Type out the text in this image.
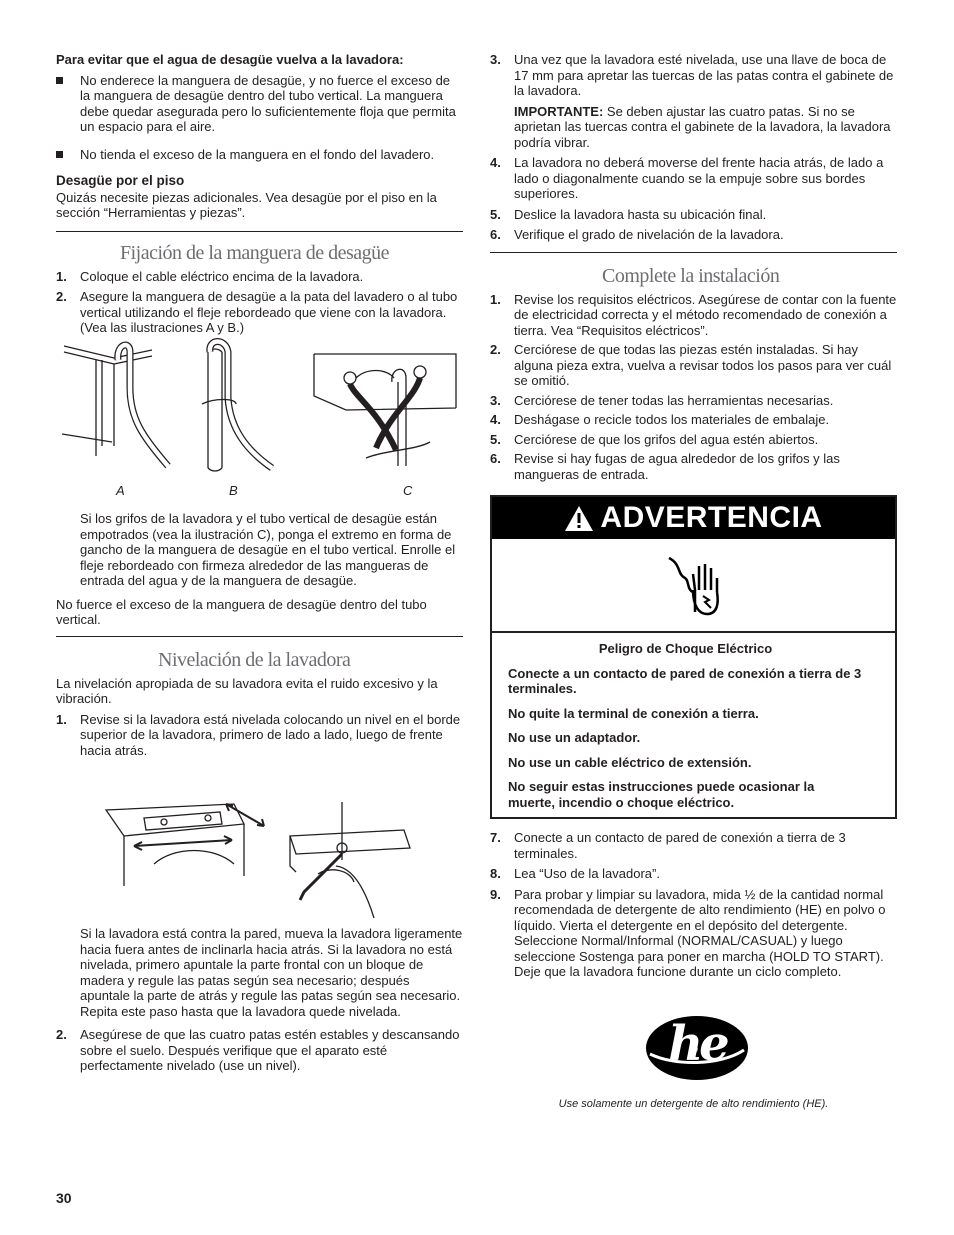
Para evitar que el agua de desagüe vuelva a la lavadora:

No enderece la manguera de desagüe, y no fuerce el exceso de la manguera de desagüe dentro del tubo vertical. La manguera debe quedar asegurada pero lo suficientemente floja que permita un espacio para el aire.

No tienda el exceso de la manguera en el fondo del lavadero.

Desagüe por el piso

Quizás necesite piezas adicionales. Vea desagüe por el piso en la sección “Herramientas y piezas”.

Fijación de la manguera de desagüe

1. Coloque el cable eléctrico encima de la lavadora.

2. Asegure la manguera de desagüe a la pata del lavadero o al tubo vertical utilizando el fleje rebordeado que viene con la lavadora. (Vea las ilustraciones A y B.)

A	B	C

Si los grifos de la lavadora y el tubo vertical de desagüe están empotrados (vea la ilustración C), ponga el extremo en forma de gancho de la manguera de desagüe en el tubo vertical. Enrolle el fleje rebordeado con firmeza alrededor de las mangueras de entrada del agua y de la manguera de desagüe.

No fuerce el exceso de la manguera de desagüe dentro del tubo vertical.

Nivelación de la lavadora

La nivelación apropiada de su lavadora evita el ruido excesivo y la vibración.

1. Revise si la lavadora está nivelada colocando un nivel en el borde superior de la lavadora, primero de lado a lado, luego de frente hacia atrás.

Si la lavadora está contra la pared, mueva la lavadora ligeramente hacia fuera antes de inclinarla hacia atrás. Si la lavadora no está nivelada, primero apuntale la parte frontal con un bloque de madera y regule las patas según sea necesario; después apuntale la parte de atrás y regule las patas según sea necesario. Repita este paso hasta que la lavadora quede nivelada.

2. Asegúrese de que las cuatro patas estén estables y descansando sobre el suelo. Después verifique que el aparato esté perfectamente nivelado (use un nivel).

3. Una vez que la lavadora esté nivelada, use una llave de boca de 17 mm para apretar las tuercas de las patas contra el gabinete de la lavadora.

IMPORTANTE: Se deben ajustar las cuatro patas. Si no se aprietan las tuercas contra el gabinete de la lavadora, la lavadora podría vibrar.

4. La lavadora no deberá moverse del frente hacia atrás, de lado a lado o diagonalmente cuando se la empuje sobre sus bordes superiores.

5. Deslice la lavadora hasta su ubicación final.

6. Verifique el grado de nivelación de la lavadora.

Complete la instalación

1. Revise los requisitos eléctricos. Asegúrese de contar con la fuente de electricidad correcta y el método recomendado de conexión a tierra. Vea “Requisitos eléctricos”.

2. Cerciórese de que todas las piezas estén instaladas. Si hay alguna pieza extra, vuelva a revisar todos los pasos para ver cuál se omitió.

3. Cerciórese de tener todas las herramientas necesarias.

4. Deshágase o recicle todos los materiales de embalaje.

5. Cerciórese de que los grifos del agua estén abiertos.

6. Revise si hay fugas de agua alrededor de los grifos y las mangueras de entrada.

ADVERTENCIA

Peligro de Choque Eléctrico

Conecte a un contacto de pared de conexión a tierra de 3 terminales.

No quite la terminal de conexión a tierra.

No use un adaptador.

No use un cable eléctrico de extensión.

No seguir estas instrucciones puede ocasionar la muerte, incendio o choque eléctrico.

7. Conecte a un contacto de pared de conexión a tierra de 3 terminales.

8. Lea “Uso de la lavadora”.

9. Para probar y limpiar su lavadora, mida ½ de la cantidad normal recomendada de detergente de alto rendimiento (HE) en polvo o líquido. Vierta el detergente en el depósito del detergente. Seleccione Normal/Informal (NORMAL/CASUAL) y luego seleccione Sostenga para poner en marcha (HOLD TO START). Deje que la lavadora funcione durante un ciclo completo.

he

Use solamente un detergente de alto rendimiento (HE).

30
